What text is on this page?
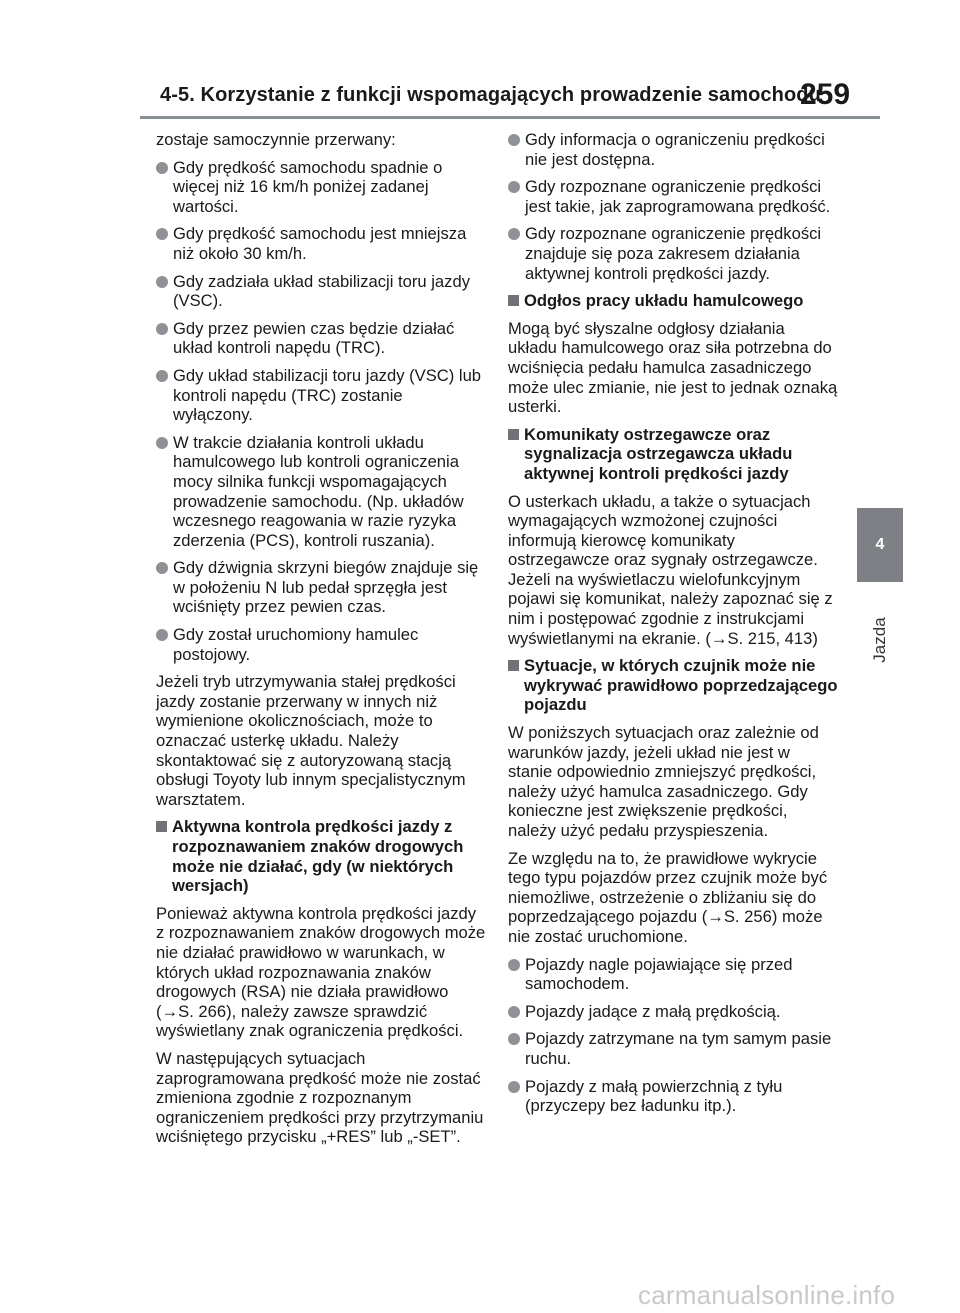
4-5. Korzystanie z funkcji wspomagających prowadzenie samochodu
259
4
Jazda

zostaje samoczynnie przerwany:

Gdy prędkość samochodu spadnie o więcej niż 16 km/h poniżej zadanej wartości.
Gdy prędkość samochodu jest mniejsza niż około 30 km/h.
Gdy zadziała układ stabilizacji toru jazdy (VSC).
Gdy przez pewien czas będzie działać układ kontroli napędu (TRC).
Gdy układ stabilizacji toru jazdy (VSC) lub kontroli napędu (TRC) zostanie wyłączony.
W trakcie działania kontroli układu hamulcowego lub kontroli ograniczenia mocy silnika funkcji wspomagających prowadzenie samochodu. (Np. układów wczesnego reagowania w razie ryzyka zderzenia (PCS), kontroli ruszania).
Gdy dźwignia skrzyni biegów znajduje się w położeniu N lub pedał sprzęgła jest wciśnięty przez pewien czas.
Gdy został uruchomiony hamulec postojowy.

Jeżeli tryb utrzymywania stałej prędkości jazdy zostanie przerwany w innych niż wymienione okolicznościach, może to oznaczać usterkę układu. Należy skontaktować się z autoryzowaną stacją obsługi Toyoty lub innym specjalistycznym warsztatem.

Aktywna kontrola prędkości jazdy z rozpoznawaniem znaków drogowych może nie działać, gdy (w niektórych wersjach)

Ponieważ aktywna kontrola prędkości jazdy z rozpoznawaniem znaków drogowych może nie działać prawidłowo w warunkach, w których układ rozpoznawania znaków drogowych (RSA) nie działa prawidłowo (→S. 266), należy zawsze sprawdzić wyświetlany znak ograniczenia prędkości.

W następujących sytuacjach zaprogramowana prędkość może nie zostać zmieniona zgodnie z rozpoznanym ograniczeniem prędkości przy przytrzymaniu wciśniętego przycisku „+RES” lub „-SET”.

Gdy informacja o ograniczeniu prędkości nie jest dostępna.
Gdy rozpoznane ograniczenie prędkości jest takie, jak zaprogramowana prędkość.
Gdy rozpoznane ograniczenie prędkości znajduje się poza zakresem działania aktywnej kontroli prędkości jazdy.
Odgłos pracy układu hamulcowego

Mogą być słyszalne odgłosy działania układu hamulcowego oraz siła potrzebna do wciśnięcia pedału hamulca zasadniczego może ulec zmianie, nie jest to jednak oznaką usterki.

Komunikaty ostrzegawcze oraz sygnalizacja ostrzegawcza układu aktywnej kontroli prędkości jazdy

O usterkach układu, a także o sytuacjach wymagających wzmożonej czujności informują kierowcę komunikaty ostrzegawcze oraz sygnały ostrzegawcze. Jeżeli na wyświetlaczu wielofunkcyjnym pojawi się komunikat, należy zapoznać się z nim i postępować zgodnie z instrukcjami wyświetlanymi na ekranie. (→S. 215, 413)

Sytuacje, w których czujnik może nie wykrywać prawidłowo poprzedzającego pojazdu

W poniższych sytuacjach oraz zależnie od warunków jazdy, jeżeli układ nie jest w stanie odpowiednio zmniejszyć prędkości, należy użyć hamulca zasadniczego. Gdy konieczne jest zwiększenie prędkości, należy użyć pedału przyspieszenia.

Ze względu na to, że prawidłowe wykrycie tego typu pojazdów przez czujnik może być niemożliwe, ostrzeżenie o zbliżaniu się do poprzedzającego pojazdu (→S. 256) może nie zostać uruchomione.

Pojazdy nagle pojawiające się przed samochodem.
Pojazdy jadące z małą prędkością.
Pojazdy zatrzymane na tym samym pasie ruchu.
Pojazdy z małą powierzchnią z tyłu (przyczepy bez ładunku itp.).
carmanualsonline.info
